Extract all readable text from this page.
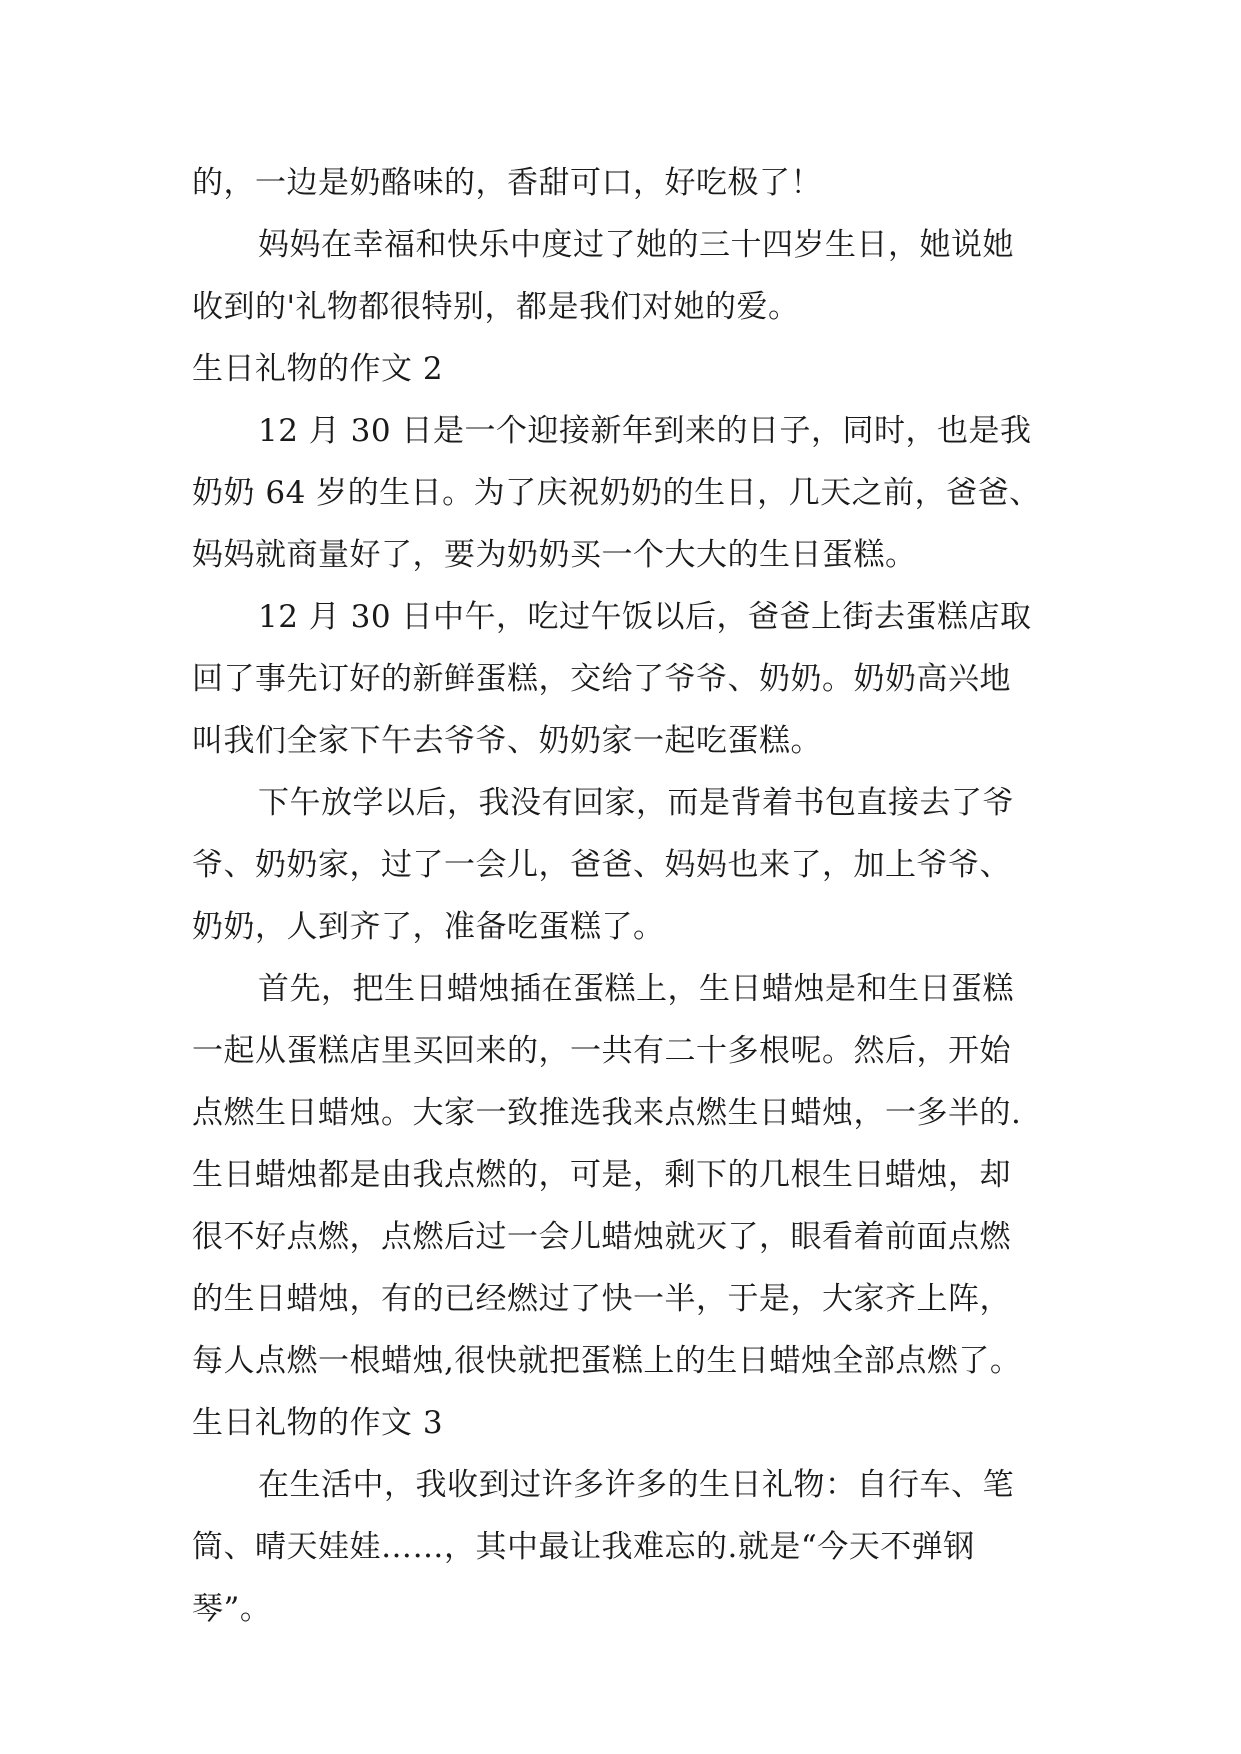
的，一边是奶酪味的，香甜可口，好吃极了！
妈妈在幸福和快乐中度过了她的三十四岁生日，她说她
收到的'礼物都很特别，都是我们对她的爱。
生日礼物的作文 2
12 月 30 日是一个迎接新年到来的日子，同时，也是我
奶奶 64 岁的生日。为了庆祝奶奶的生日，几天之前，爸爸、
妈妈就商量好了，要为奶奶买一个大大的生日蛋糕。
12 月 30 日中午，吃过午饭以后，爸爸上街去蛋糕店取
回了事先订好的新鲜蛋糕，交给了爷爷、奶奶。奶奶高兴地
叫我们全家下午去爷爷、奶奶家一起吃蛋糕。
下午放学以后，我没有回家，而是背着书包直接去了爷
爷、奶奶家，过了一会儿，爸爸、妈妈也来了，加上爷爷、
奶奶，人到齐了，准备吃蛋糕了。
首先，把生日蜡烛插在蛋糕上，生日蜡烛是和生日蛋糕
一起从蛋糕店里买回来的，一共有二十多根呢。然后，开始
点燃生日蜡烛。大家一致推选我来点燃生日蜡烛，一多半的.
生日蜡烛都是由我点燃的，可是，剩下的几根生日蜡烛，却
很不好点燃，点燃后过一会儿蜡烛就灭了，眼看着前面点燃
的生日蜡烛，有的已经燃过了快一半，于是，大家齐上阵，
每人点燃一根蜡烛,很快就把蛋糕上的生日蜡烛全部点燃了。
生日礼物的作文 3
在生活中，我收到过许多许多的生日礼物：自行车、笔
筒、晴天娃娃……，其中最让我难忘的.就是“今天不弹钢
琴”。
